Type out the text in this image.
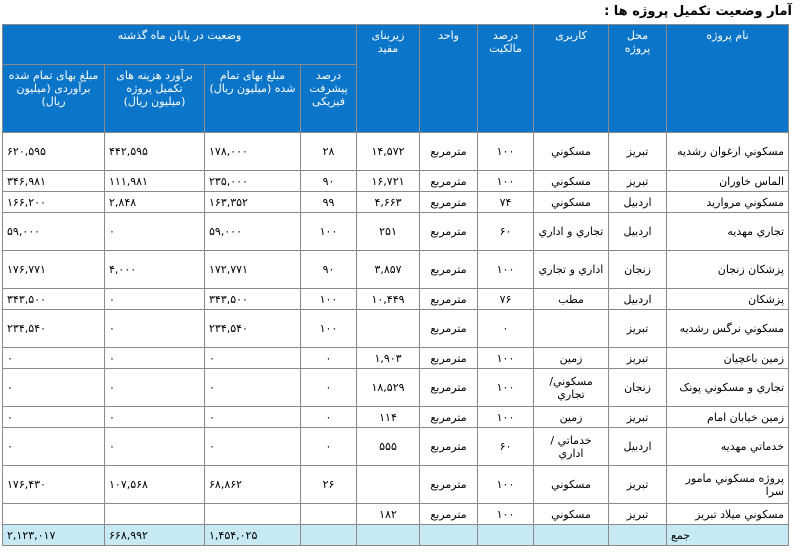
آمار وضعیت تکمیل پروژه ها :
نام پروژه	محل پروژه	کاربری	درصد مالکیت	واحد	زیربنای مفید	وضعیت در پایان ماه گذشته			
						درصد پیشرفت فیزیکی	مبلغ بهای تمام شده (میلیون ریال)	برآورد هزینه های تکمیل پروژه (میلیون ریال)	مبلغ بهای تمام شده برآوردی (میلیون ریال)
مسکوني ارغوان رشديه	تبريز	مسکوني	۱۰۰	مترمربع	۱۴,۵۷۲	۲۸	۱۷۸,۰۰۰	۴۴۲,۵۹۵	۶۲۰,۵۹۵
الماس خاوران	تبريز	مسکوني	۱۰۰	مترمربع	۱۶,۷۲۱	۹۰	۲۳۵,۰۰۰	۱۱۱,۹۸۱	۳۴۶,۹۸۱
مسکوني مرواريد	اردبيل	مسکوني	۷۴	مترمربع	۴,۶۶۳	۹۹	۱۶۳,۳۵۲	۲,۸۴۸	۱۶۶,۲۰۰
تجاري مهديه	اردبيل	تجاري و اداري	۶۰	مترمربع	۲۵۱	۱۰۰	۵۹,۰۰۰	۰	۵۹,۰۰۰
پزشکان زنجان	زنجان	اداري و تجاري	۱۰۰	مترمربع	۳,۸۵۷	۹۰	۱۷۲,۷۷۱	۴,۰۰۰	۱۷۶,۷۷۱
پزشکان	اردبيل	مطب	۷۶	مترمربع	۱۰,۴۴۹	۱۰۰	۳۴۳,۵۰۰	۰	۳۴۳,۵۰۰
مسکوني نرگس رشديه	تبريز		۰	مترمربع		۱۰۰	۲۳۴,۵۴۰	۰	۲۳۴,۵۴۰
زمين باغچيان	تبريز	زمين	۱۰۰	مترمربع	۱,۹۰۳	۰	۰	۰	۰
تجاري و مسکوني پونک	زنجان	مسکوني/ تجاري	۱۰۰	مترمربع	۱۸,۵۲۹	۰	۰	۰	۰
زمين خيابان امام	تبريز	زمين	۱۰۰	مترمربع	۱۱۴	۰	۰	۰	۰
خدماتي مهديه	اردبيل	خدماتي / اداري	۶۰	مترمربع	۵۵۵	۰	۰	۰	۰
پروژه مسکوني مامور سرا	تبريز	مسکوني	۱۰۰	مترمربع		۲۶	۶۸,۸۶۲	۱۰۷,۵۶۸	۱۷۶,۴۳۰
مسکوني ميلاد تبريز	تبريز	مسکوني	۱۰۰	مترمربع	۱۸۲				
جمع							۱,۴۵۴,۰۲۵	۶۶۸,۹۹۲	۲,۱۲۳,۰۱۷
